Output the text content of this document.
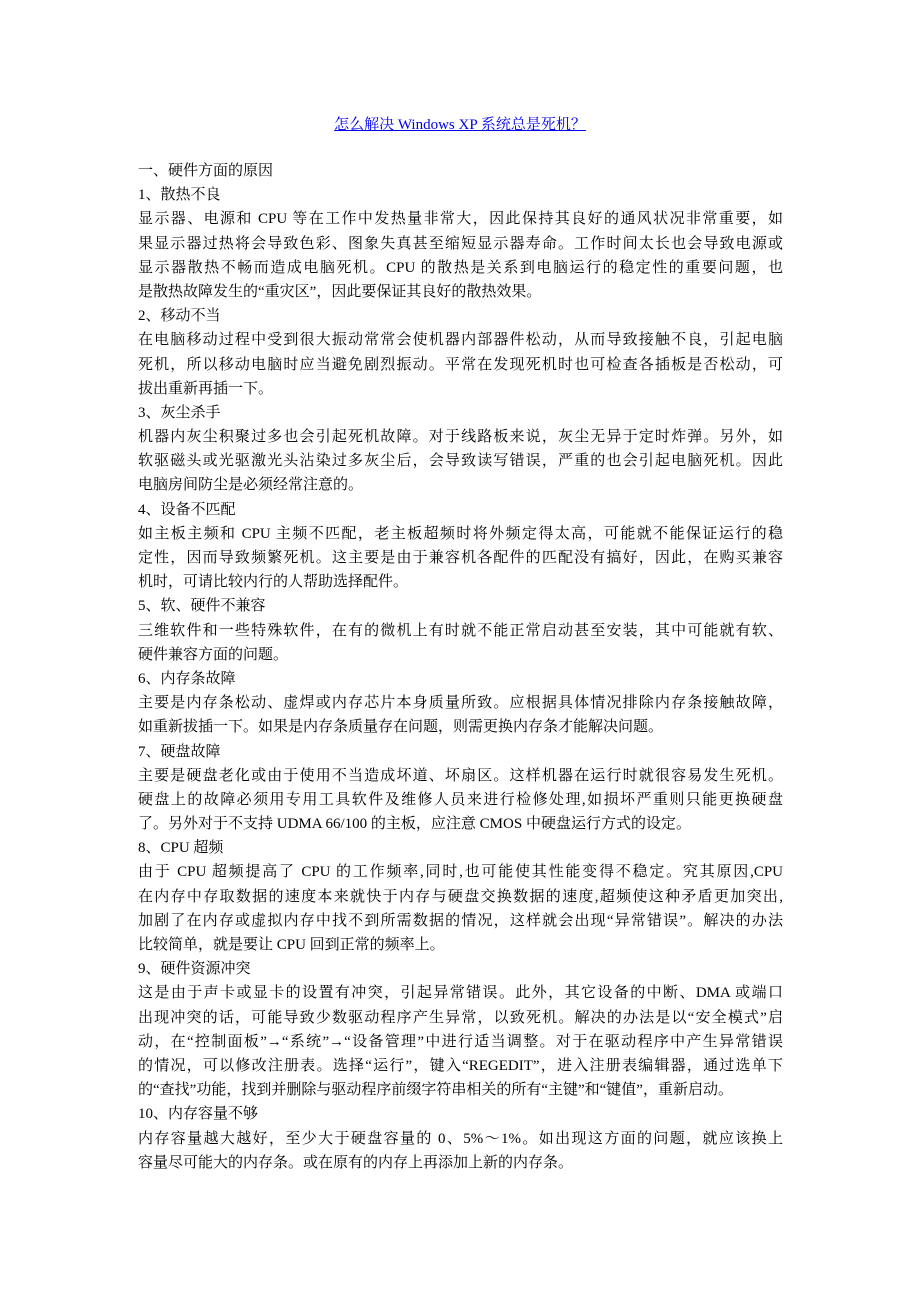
怎么解决 Windows XP 系统总是死机？
一、硬件方面的原因
1、散热不良
显示器、电源和 CPU 等在工作中发热量非常大，因此保持其良好的通风状况非常重要，如
果显示器过热将会导致色彩、图象失真甚至缩短显示器寿命。工作时间太长也会导致电源或
显示器散热不畅而造成电脑死机。CPU 的散热是关系到电脑运行的稳定性的重要问题，也
是散热故障发生的“重灾区”，因此要保证其良好的散热效果。
2、移动不当
在电脑移动过程中受到很大振动常常会使机器内部器件松动，从而导致接触不良，引起电脑
死机，所以移动电脑时应当避免剧烈振动。平常在发现死机时也可检查各插板是否松动，可
拔出重新再插一下。
3、灰尘杀手
机器内灰尘积聚过多也会引起死机故障。对于线路板来说，灰尘无异于定时炸弹。另外，如
软驱磁头或光驱激光头沾染过多灰尘后，会导致读写错误，严重的也会引起电脑死机。因此
电脑房间防尘是必须经常注意的。
4、设备不匹配
如主板主频和 CPU 主频不匹配，老主板超频时将外频定得太高，可能就不能保证运行的稳
定性，因而导致频繁死机。这主要是由于兼容机各配件的匹配没有搞好，因此，在购买兼容
机时，可请比较内行的人帮助选择配件。
5、软、硬件不兼容
三维软件和一些特殊软件，在有的微机上有时就不能正常启动甚至安装，其中可能就有软、
硬件兼容方面的问题。
6、内存条故障
主要是内存条松动、虚焊或内存芯片本身质量所致。应根据具体情况排除内存条接触故障，
如重新拔插一下。如果是内存条质量存在问题，则需更换内存条才能解决问题。
7、硬盘故障
主要是硬盘老化或由于使用不当造成坏道、坏扇区。这样机器在运行时就很容易发生死机。
硬盘上的故障必须用专用工具软件及维修人员来进行检修处理,如损坏严重则只能更换硬盘
了。另外对于不支持 UDMA 66/100 的主板，应注意 CMOS 中硬盘运行方式的设定。
8、CPU 超频
由于 CPU 超频提高了 CPU 的工作频率,同时,也可能使其性能变得不稳定。究其原因,CPU
在内存中存取数据的速度本来就快于内存与硬盘交换数据的速度,超频使这种矛盾更加突出,
加剧了在内存或虚拟内存中找不到所需数据的情况，这样就会出现“异常错误”。解决的办法
比较简单，就是要让 CPU 回到正常的频率上。
9、硬件资源冲突
这是由于声卡或显卡的设置有冲突，引起异常错误。此外，其它设备的中断、DMA 或端口
出现冲突的话，可能导致少数驱动程序产生异常，以致死机。解决的办法是以“安全模式”启
动，在“控制面板”→“系统”→“设备管理”中进行适当调整。对于在驱动程序中产生异常错误
的情况，可以修改注册表。选择“运行”，键入“REGEDIT”，进入注册表编辑器，通过选单下
的“查找”功能，找到并删除与驱动程序前缀字符串相关的所有“主键”和“键值”，重新启动。
10、内存容量不够
内存容量越大越好，至少大于硬盘容量的 0、5%～1%。如出现这方面的问题，就应该换上
容量尽可能大的内存条。或在原有的内存上再添加上新的内存条。
